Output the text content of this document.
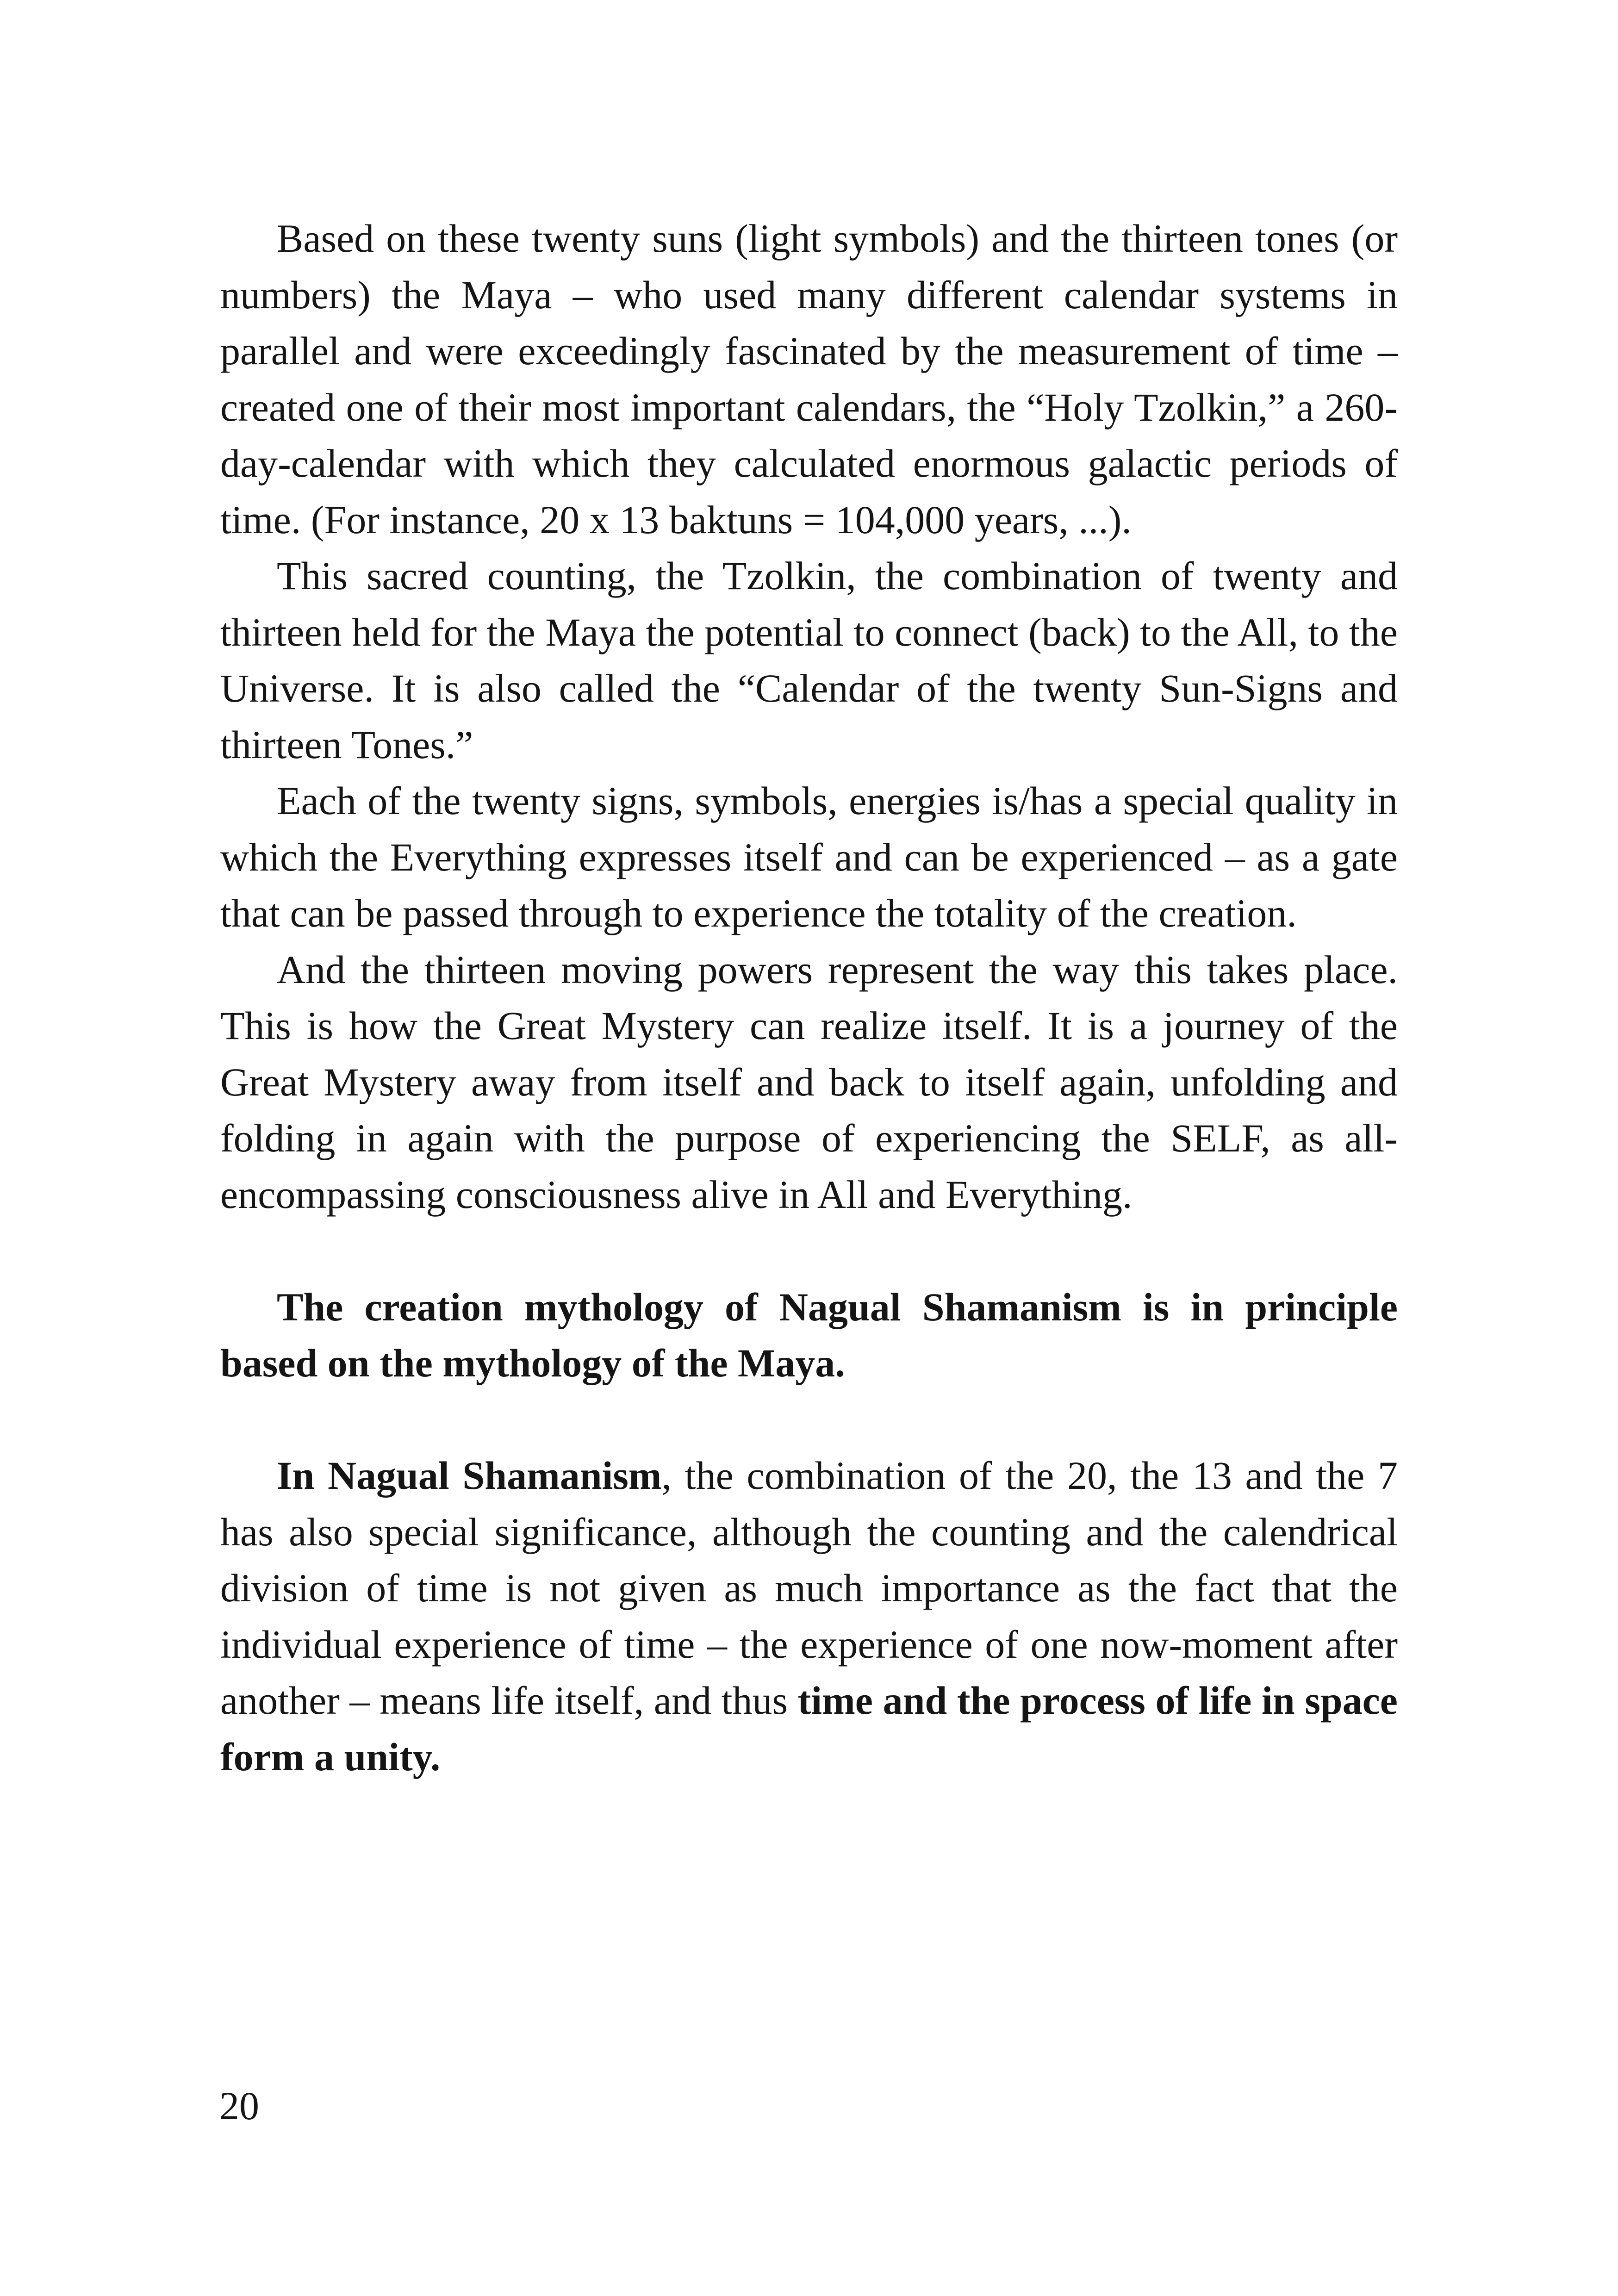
Based on these twenty suns (light symbols) and the thirteen tones (or numbers) the Maya – who used many different calendar systems in parallel and were exceedingly fascinated by the measurement of time – created one of their most important calendars, the “Holy Tzolkin,” a 260-day-calendar with which they calculated enormous galactic periods of time. (For instance, 20 x 13 baktuns = 104,000 years, ...).

This sacred counting, the Tzolkin, the combination of twenty and thirteen held for the Maya the potential to connect (back) to the All, to the Universe. It is also called the “Calendar of the twenty Sun-Signs and thirteen Tones.”

Each of the twenty signs, symbols, energies is/has a special quality in which the Everything expresses itself and can be experienced – as a gate that can be passed through to experience the totality of the creation.

And the thirteen moving powers represent the way this takes place. This is how the Great Mystery can realize itself. It is a journey of the Great Mystery away from itself and back to itself again, unfolding and folding in again with the purpose of experiencing the SELF, as all-encompassing consciousness alive in All and Everything.

The creation mythology of Nagual Shamanism is in principle based on the mythology of the Maya.

In Nagual Shamanism, the combination of the 20, the 13 and the 7 has also special significance, although the counting and the calendrical division of time is not given as much importance as the fact that the individual experience of time – the experience of one now-moment after another – means life itself, and thus time and the process of life in space form a unity.

20
